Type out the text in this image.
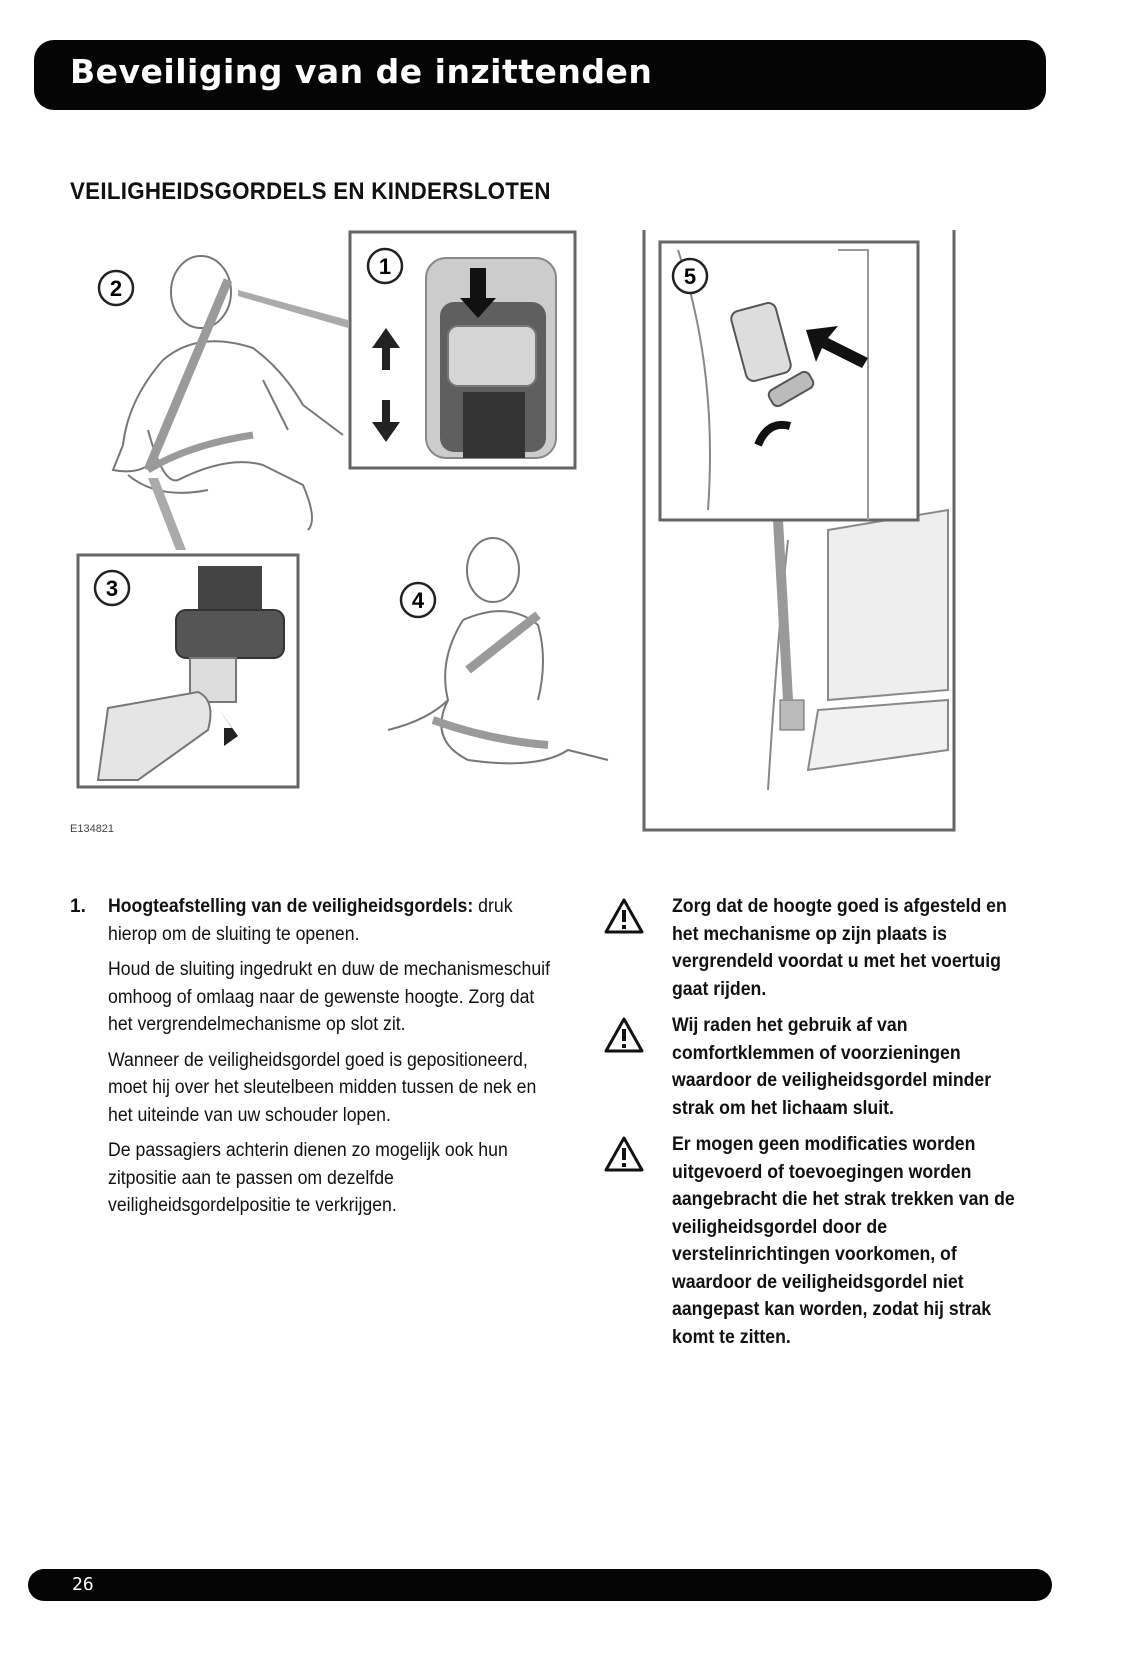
Beveiliging van de inzittenden
VEILIGHEIDSGORDELS EN KINDERSLOTEN
2
1
3	4
5
E134821
1. Hoogteafstelling van de veiligheidsgordels: druk hierop om de sluiting te openen.

Houd de sluiting ingedrukt en duw de mechanismeschuif omhoog of omlaag naar de gewenste hoogte. Zorg dat het vergrendelmechanisme op slot zit.

Wanneer de veiligheidsgordel goed is gepositioneerd, moet hij over het sleutelbeen midden tussen de nek en het uiteinde van uw schouder lopen.

De passagiers achterin dienen zo mogelijk ook hun zitpositie aan te passen om dezelfde veiligheidsgordelpositie te verkrijgen.

Zorg dat de hoogte goed is afgesteld en het mechanisme op zijn plaats is vergrendeld voordat u met het voertuig gaat rijden.
Wij raden het gebruik af van comfortklemmen of voorzieningen waardoor de veiligheidsgordel minder strak om het lichaam sluit.
Er mogen geen modificaties worden uitgevoerd of toevoegingen worden aangebracht die het strak trekken van de veiligheidsgordel door de verstelinrichtingen voorkomen, of waardoor de veiligheidsgordel niet aangepast kan worden, zodat hij strak komt te zitten.
26
